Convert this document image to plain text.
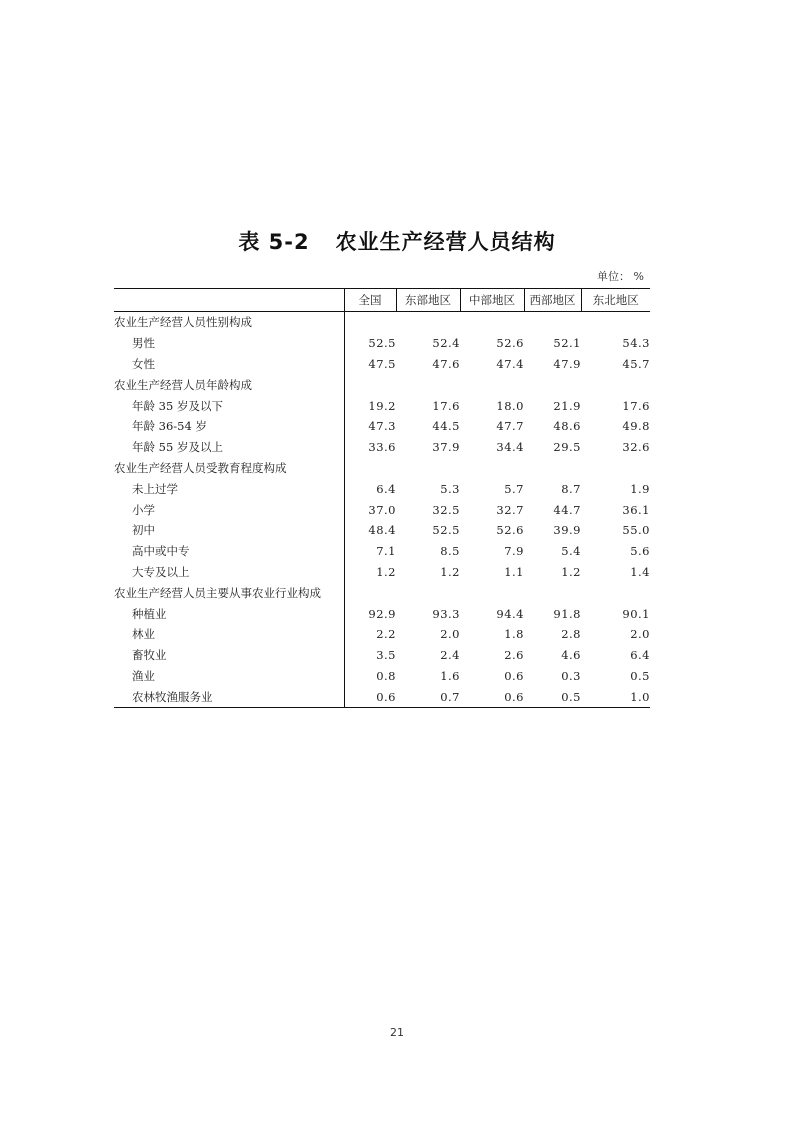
表 5-2 农业生产经营人员结构
单位： %
	全国	东部地区	中部地区	西部地区	东北地区
农业生产经营人员性别构成					
男性	52.5	52.4	52.6	52.1	54.3
女性	47.5	47.6	47.4	47.9	45.7
农业生产经营人员年龄构成					
年龄 35 岁及以下	19.2	17.6	18.0	21.9	17.6
年龄 36-54 岁	47.3	44.5	47.7	48.6	49.8
年龄 55 岁及以上	33.6	37.9	34.4	29.5	32.6
农业生产经营人员受教育程度构成					
未上过学	6.4	5.3	5.7	8.7	1.9
小学	37.0	32.5	32.7	44.7	36.1
初中	48.4	52.5	52.6	39.9	55.0
高中或中专	7.1	8.5	7.9	5.4	5.6
大专及以上	1.2	1.2	1.1	1.2	1.4
农业生产经营人员主要从事农业行业构成					
种植业	92.9	93.3	94.4	91.8	90.1
林业	2.2	2.0	1.8	2.8	2.0
畜牧业	3.5	2.4	2.6	4.6	6.4
渔业	0.8	1.6	0.6	0.3	0.5
农林牧渔服务业	0.6	0.7	0.6	0.5	1.0
21
